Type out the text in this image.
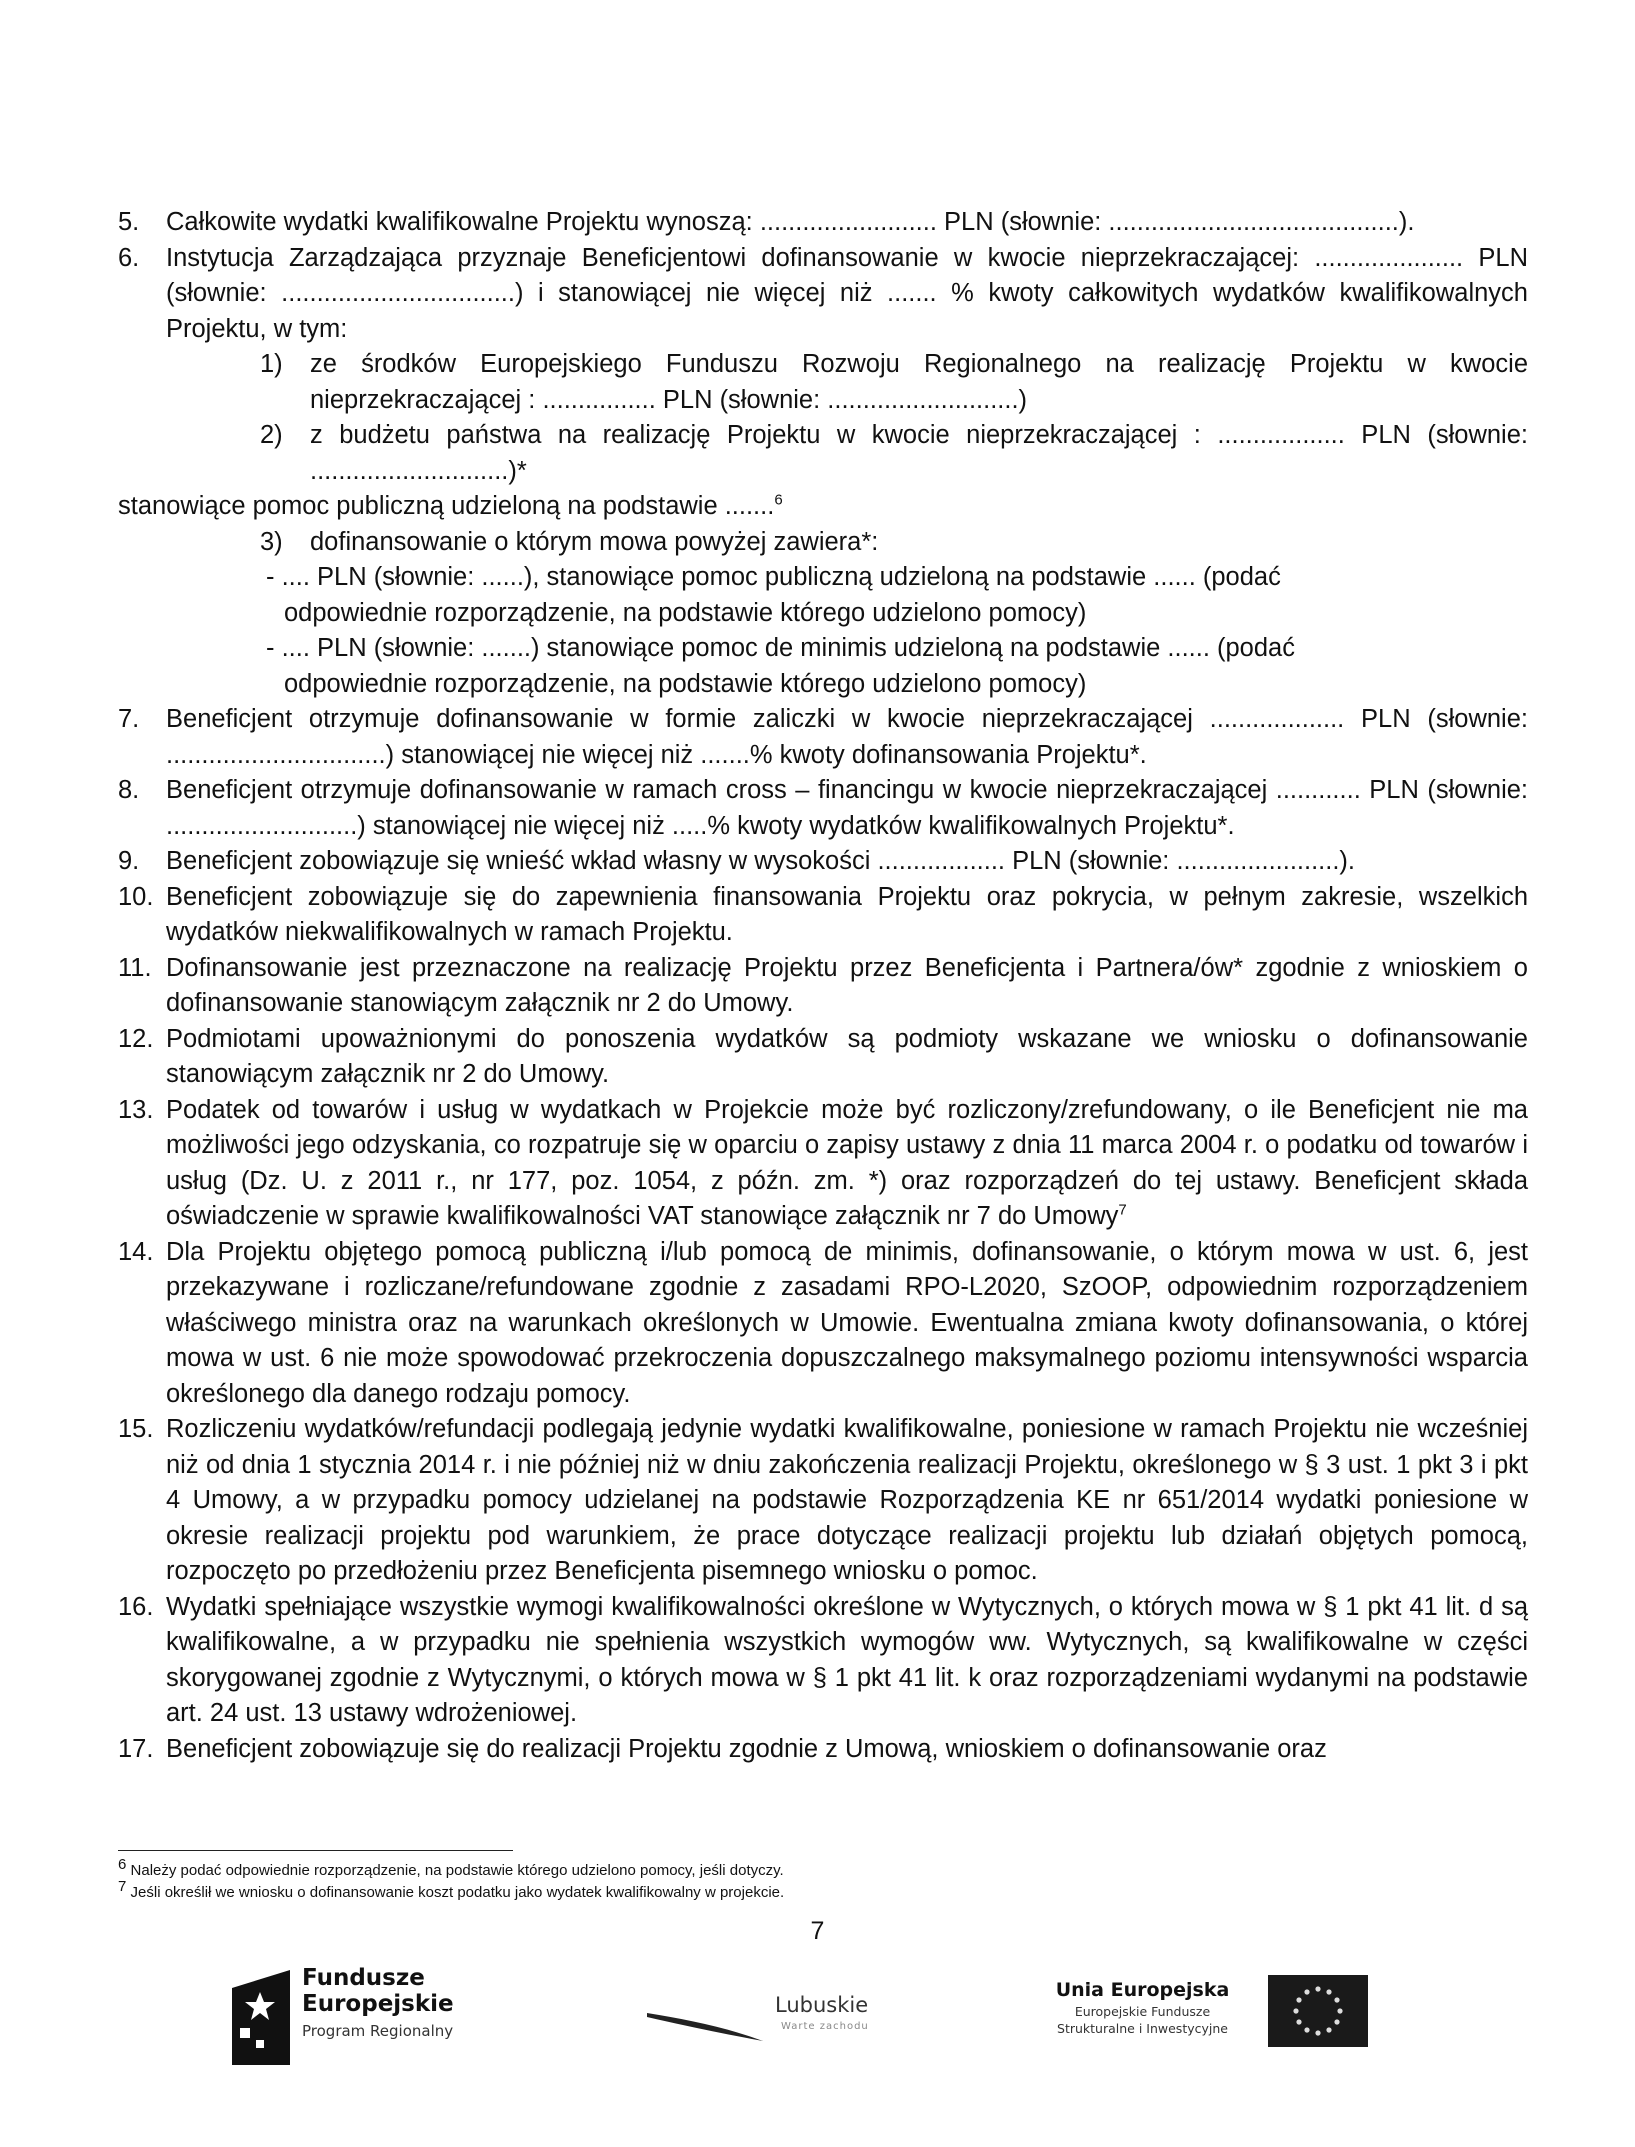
5.	Całkowite wydatki kwalifikowalne Projektu wynoszą: ......................... PLN (słownie: .........................................).
6.	Instytucja Zarządzająca przyznaje Beneficjentowi dofinansowanie w kwocie nieprzekraczającej: ..................... PLN (słownie: .................................) i stanowiącej nie więcej niż ....... % kwoty całkowitych wydatków kwalifikowalnych Projektu, w tym:
1)	ze środków Europejskiego Funduszu Rozwoju Regionalnego na realizację Projektu w kwocie nieprzekraczającej : ................ PLN (słownie: ...........................)
2)	z budżetu państwa na realizację Projektu w kwocie nieprzekraczającej : .................. PLN (słownie: ............................)*
stanowiące pomoc publiczną udzieloną na podstawie .......$^6$
3)	dofinansowanie o którym mowa powyżej zawiera*:
- .... PLN (słownie: ......), stanowiące pomoc publiczną udzieloną na podstawie ...... (podać
odpowiednie rozporządzenie, na podstawie którego udzielono pomocy)
- .... PLN (słownie: .......) stanowiące pomoc de minimis udzieloną na podstawie ...... (podać
odpowiednie rozporządzenie, na podstawie którego udzielono pomocy)
7.	Beneficjent otrzymuje dofinansowanie w formie zaliczki w kwocie nieprzekraczającej ................... PLN (słownie: ...............................) stanowiącej nie więcej niż .......% kwoty dofinansowania Projektu*.
8.	Beneficjent otrzymuje dofinansowanie w ramach cross – financingu w kwocie nieprzekraczającej ............ PLN (słownie: ...........................) stanowiącej nie więcej niż .....% kwoty wydatków kwalifikowalnych Projektu*.
9.	Beneficjent zobowiązuje się wnieść wkład własny w wysokości .................. PLN (słownie: .......................).
10. Beneficjent zobowiązuje się do zapewnienia finansowania Projektu oraz pokrycia, w pełnym zakresie, wszelkich wydatków niekwalifikowalnych w ramach Projektu.
11. Dofinansowanie jest przeznaczone na realizację Projektu przez Beneficjenta i Partnera/ów* zgodnie z wnioskiem o dofinansowanie stanowiącym załącznik nr 2 do Umowy.
12. Podmiotami upoważnionymi do ponoszenia wydatków są podmioty wskazane we wniosku o dofinansowanie stanowiącym załącznik nr 2 do Umowy.
13. Podatek od towarów i usług w wydatkach w Projekcie może być rozliczony/zrefundowany, o ile Beneficjent nie ma możliwości jego odzyskania, co rozpatruje się w oparciu o zapisy ustawy z dnia 11 marca 2004 r. o podatku od towarów i usług (Dz. U. z 2011 r., nr 177, poz. 1054, z późn. zm. *) oraz rozporządzeń do tej ustawy. Beneficjent składa oświadczenie w sprawie kwalifikowalności VAT stanowiące załącznik nr 7 do Umowy$^7$
14. Dla Projektu objętego pomocą publiczną i/lub pomocą de minimis, dofinansowanie, o którym mowa w ust. 6, jest przekazywane i rozliczane/refundowane zgodnie z zasadami RPO-L2020, SzOOP, odpowiednim rozporządzeniem właściwego ministra oraz na warunkach określonych w Umowie. Ewentualna zmiana kwoty dofinansowania, o której mowa w ust. 6 nie może spowodować przekroczenia dopuszczalnego maksymalnego poziomu intensywności wsparcia określonego dla danego rodzaju pomocy.
15. Rozliczeniu wydatków/refundacji podlegają jedynie wydatki kwalifikowalne, poniesione w ramach Projektu nie wcześniej niż od dnia 1 stycznia 2014 r. i nie później niż w dniu zakończenia realizacji Projektu, określonego w § 3 ust. 1 pkt 3 i pkt 4 Umowy, a w przypadku pomocy udzielanej na podstawie Rozporządzenia KE nr 651/2014 wydatki poniesione w okresie realizacji projektu pod warunkiem, że prace dotyczące realizacji projektu lub działań objętych pomocą, rozpoczęto po przedłożeniu przez Beneficjenta pisemnego wniosku o pomoc.
16. Wydatki spełniające wszystkie wymogi kwalifikowalności określone w Wytycznych, o których mowa w § 1 pkt 41 lit. d są kwalifikowalne, a w przypadku nie spełnienia wszystkich wymogów ww. Wytycznych, są kwalifikowalne w części skorygowanej zgodnie z Wytycznymi, o których mowa w § 1 pkt 41 lit. k oraz rozporządzeniami wydanymi na podstawie art. 24 ust. 13 ustawy wdrożeniowej.
17. Beneficjent zobowiązuje się do realizacji Projektu zgodnie z Umową, wnioskiem o dofinansowanie oraz
$^6$ Należy podać odpowiednie rozporządzenie, na podstawie którego udzielono pomocy, jeśli dotyczy.
$^7$ Jeśli określił we wniosku o dofinansowanie koszt podatku jako wydatek kwalifikowalny w projekcie.
7
Fundusze
Europejskie
Program Regionalny
Lubuskie
Warte zachodu
Unia Europejska
Europejskie Fundusze
Strukturalne i Inwestycyjne
